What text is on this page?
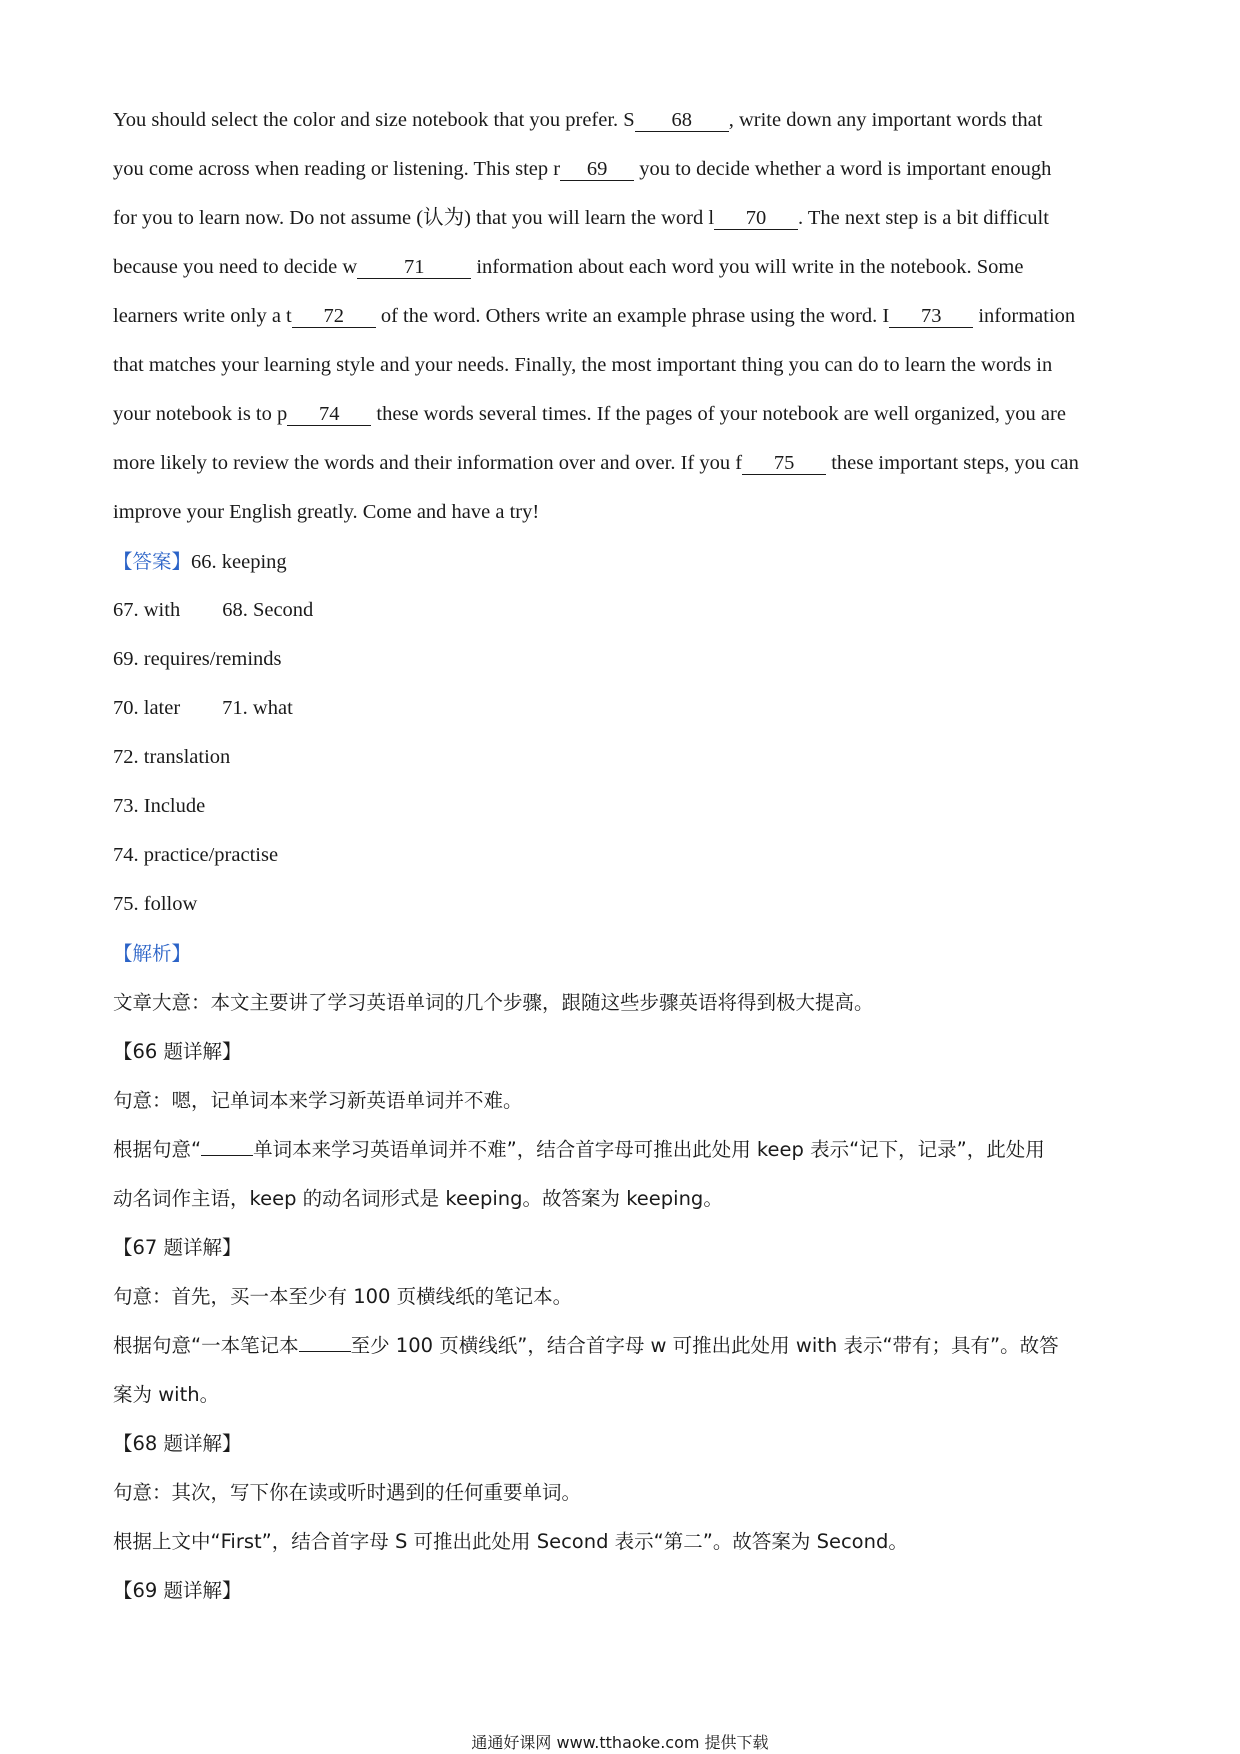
You should select the color and size notebook that you prefer. S 68 , write down any important words that
you come across when reading or listening. This step r 69 you to decide whether a word is important enough
for you to learn now. Do not assume (认为) that you will learn the word l 70 . The next step is a bit difficult
because you need to decide w 71 information about each word you will write in the notebook. Some
learners write only a t 72 of the word. Others write an example phrase using the word. I 73 information
that matches your learning style and your needs. Finally, the most important thing you can do to learn the words in
your notebook is to p 74 these words several times. If the pages of your notebook are well organized, you are
more likely to review the words and their information over and over. If you f 75 these important steps, you can
improve your English greatly. Come and have a try!
【答案】66. keeping
67. with 68. Second
69. requires/reminds
70. later 71. what
72. translation
73. Include
74. practice/practise
75. follow
【解析】
文章大意：本文主要讲了学习英语单词的几个步骤，跟随这些步骤英语将得到极大提高。
【66 题详解】
句意：嗯，记单词本来学习新英语单词并不难。
根据句意“	单词本来学习英语单词并不难”，结合首字母可推出此处用 keep 表示“记下，记录”，此处用
动名词作主语，keep 的动名词形式是 keeping。故答案为 keeping。
【67 题详解】
句意：首先，买一本至少有 100 页横线纸的笔记本。
根据句意“一本笔记本	至少 100 页横线纸”，结合首字母 w 可推出此处用 with 表示“带有；具有”。故答
案为 with。
【68 题详解】
句意：其次，写下你在读或听时遇到的任何重要单词。
根据上文中“First”，结合首字母 S 可推出此处用 Second 表示“第二”。故答案为 Second。
【69 题详解】
通通好课网 www.tthaoke.com 提供下载
